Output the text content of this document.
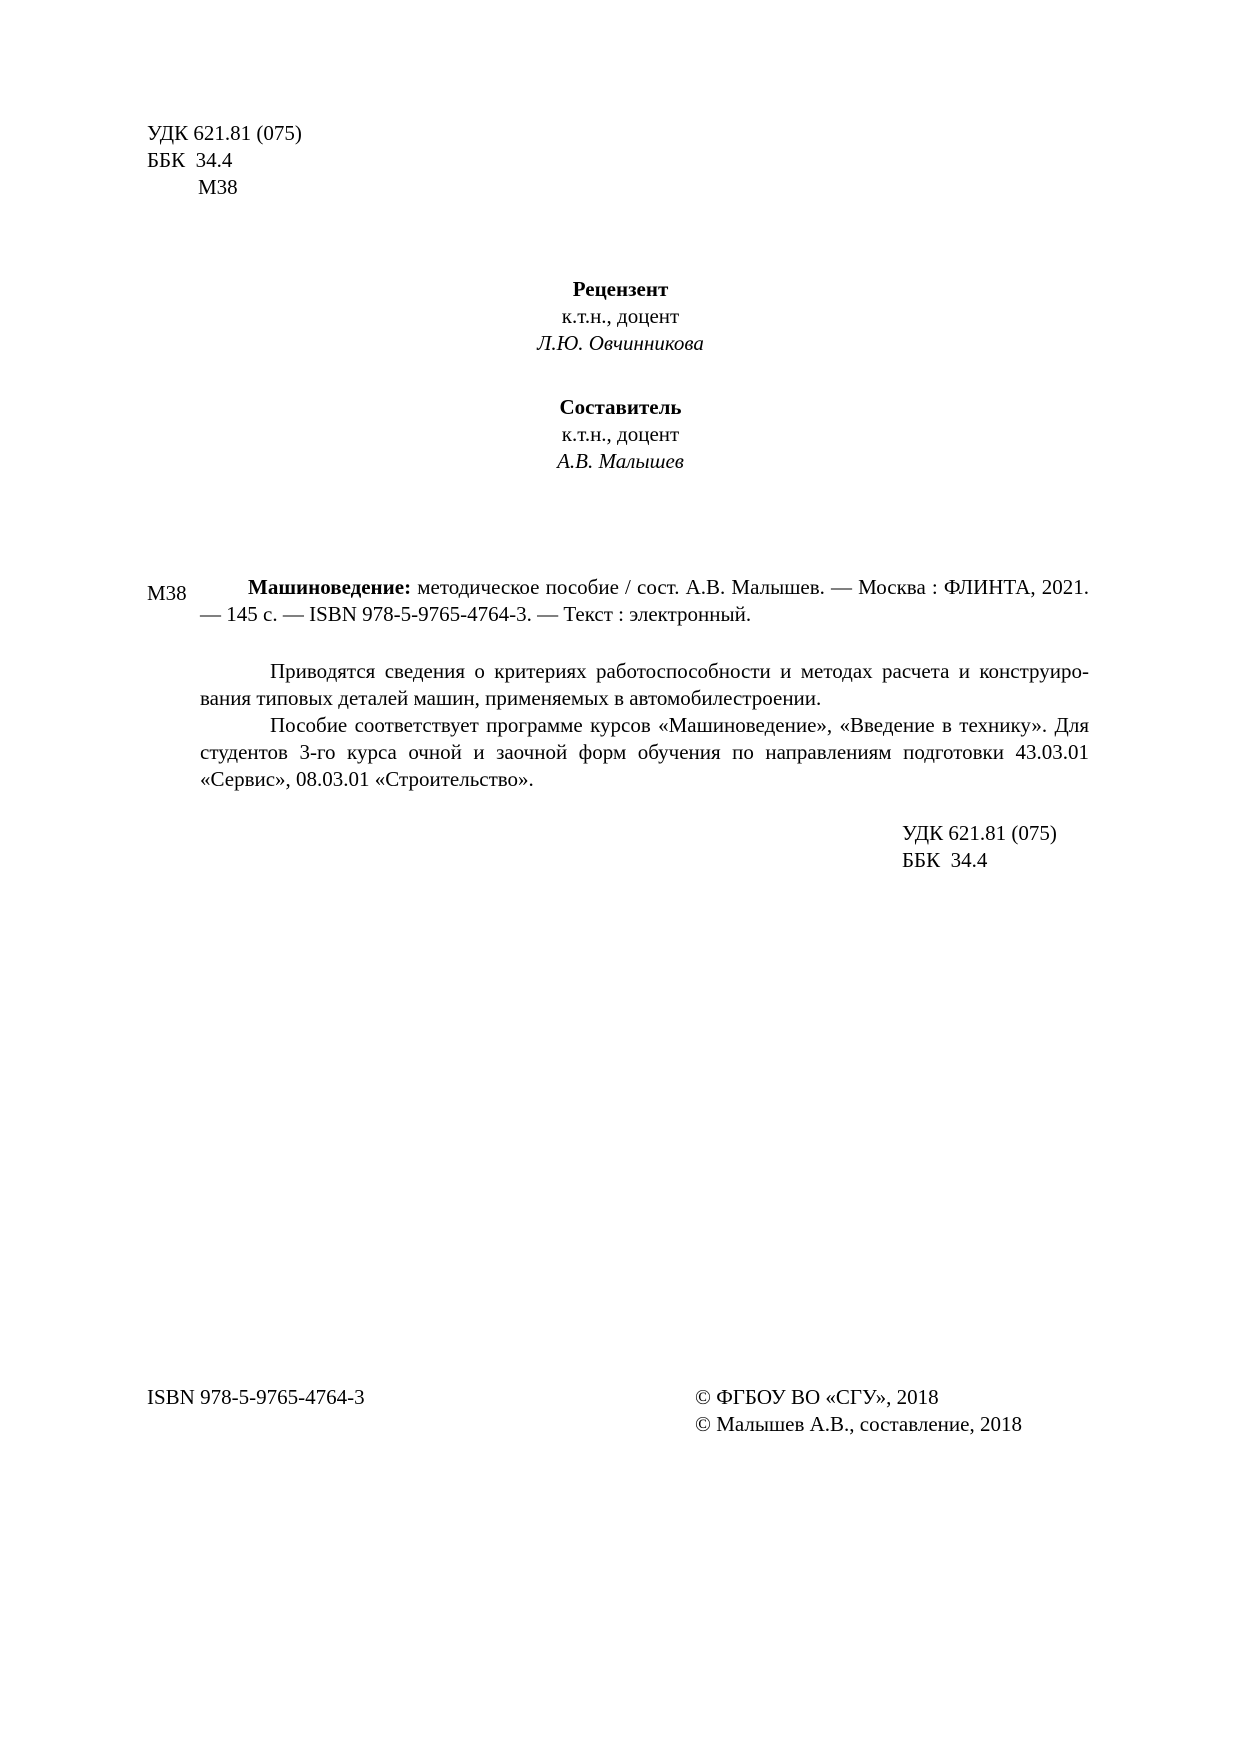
УДК 621.81 (075)
ББК  34.4
М38
Рецензент
к.т.н., доцент
Л.Ю. Овчинникова
Составитель
к.т.н., доцент
А.В. Малышев
М38	Машиноведение: методическое пособие / сост. А.В. Малышев. — Москва : ФЛИНТА, 2021. — 145 с. — ISBN 978-5-9765-4764-3. — Текст : электронный.

Приводятся сведения о критериях работоспособности и методах расчета и конструиро-вания типовых деталей машин, применяемых в автомобилестроении.

Пособие соответствует программе курсов «Машиноведение», «Введение в технику». Для студентов 3-го курса очной и заочной форм обучения по направлениям подготовки 43.03.01 «Сервис», 08.03.01 «Строительство».

УДК 621.81 (075)
ББК  34.4
ISBN 978-5-9765-4764-3	© ФГБОУ ВО «СГУ», 2018
© Малышев А.В., составление, 2018
